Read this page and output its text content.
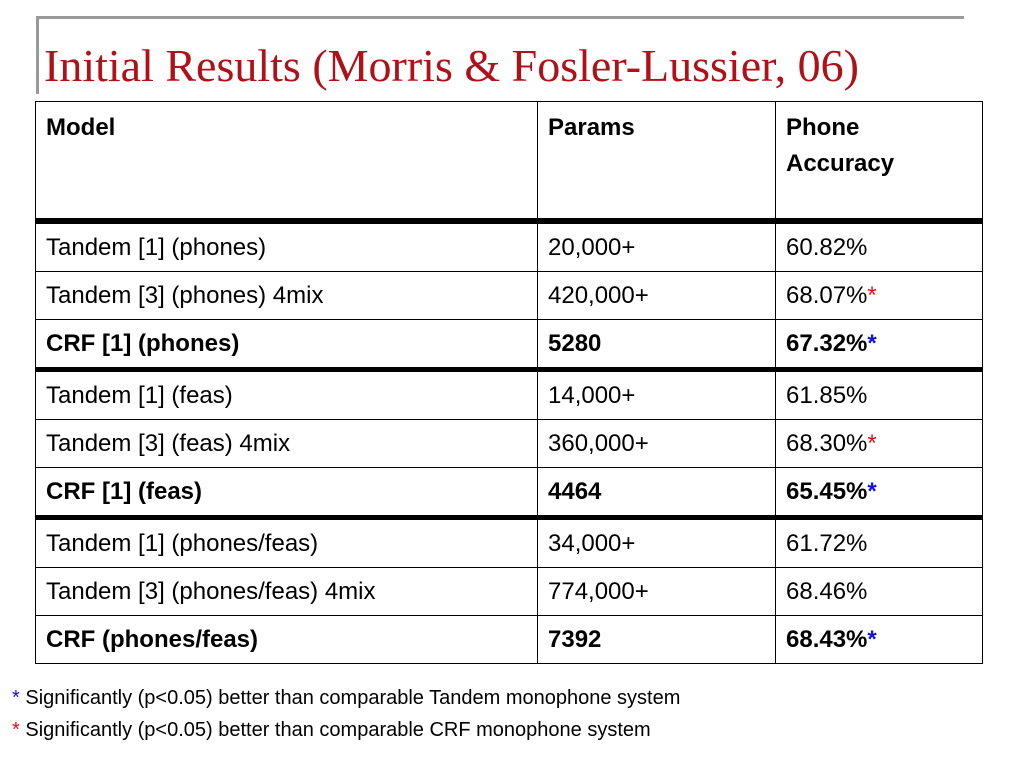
Initial Results (Morris & Fosler-Lussier, 06)
Model	Params	Phone Accuracy
Tandem [1] (phones)	20,000+	60.82%
Tandem [3] (phones) 4mix	420,000+	68.07%*
CRF [1] (phones)	5280	67.32%*
Tandem [1] (feas)	14,000+	61.85%
Tandem [3] (feas) 4mix	360,000+	68.30%*
CRF [1] (feas)	4464	65.45%*
Tandem [1] (phones/feas)	34,000+	61.72%
Tandem [3] (phones/feas) 4mix	774,000+	68.46%
CRF (phones/feas)	7392	68.43%*
* Significantly (p<0.05) better than comparable Tandem monophone system
* Significantly (p<0.05) better than comparable CRF monophone system
